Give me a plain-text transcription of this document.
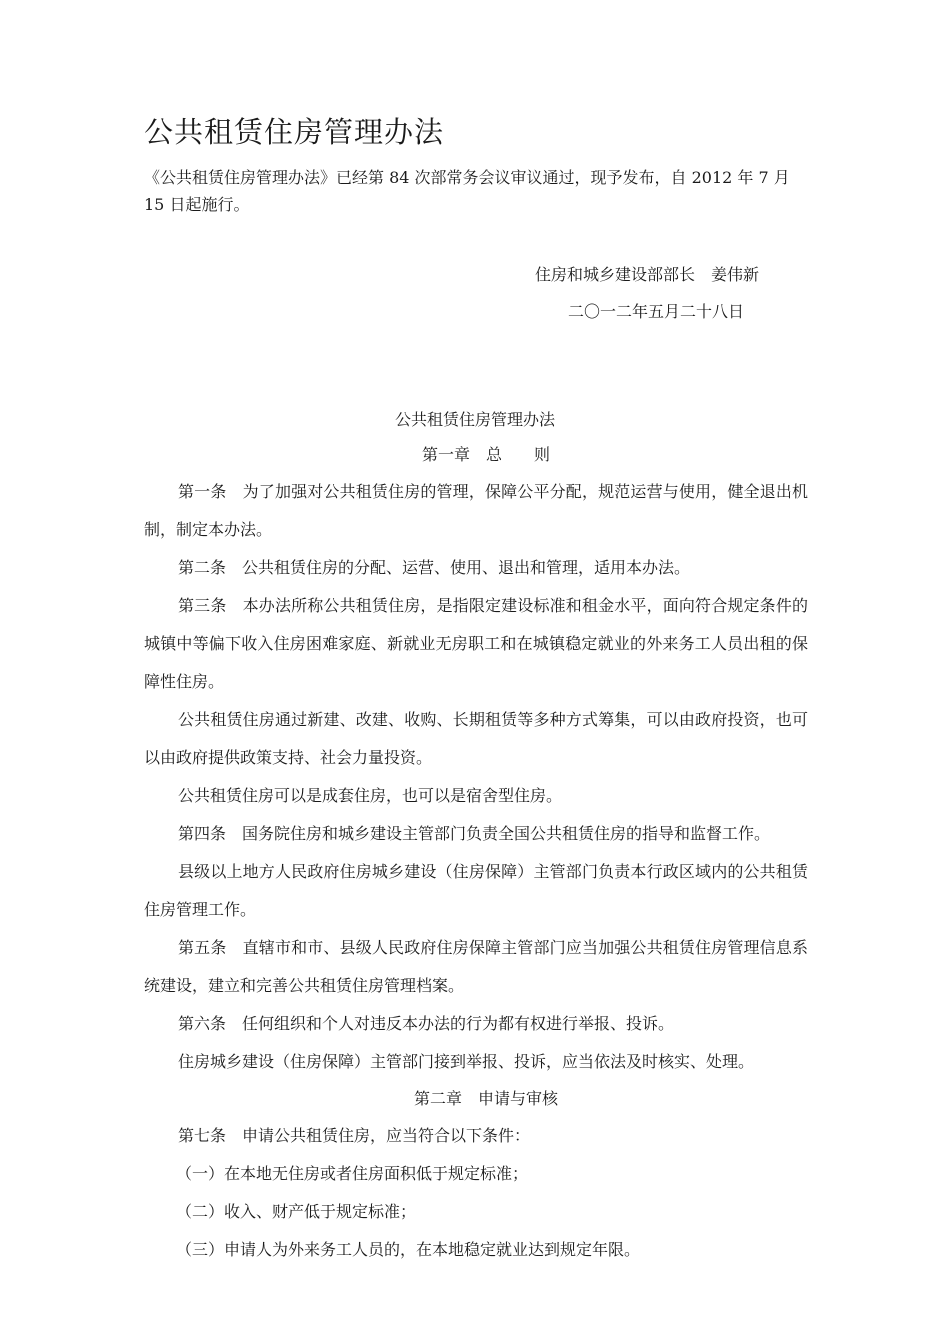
公共租赁住房管理办法

《公共租赁住房管理办法》已经第 84 次部常务会议审议通过，现予发布，自 2012 年 7 月 15 日起施行。

住房和城乡建设部部长　姜伟新

二〇一二年五月二十八日

公共租赁住房管理办法
第一章　总　　则

第一条　为了加强对公共租赁住房的管理，保障公平分配，规范运营与使用，健全退出机制，制定本办法。

第二条　公共租赁住房的分配、运营、使用、退出和管理，适用本办法。

第三条　本办法所称公共租赁住房，是指限定建设标准和租金水平，面向符合规定条件的城镇中等偏下收入住房困难家庭、新就业无房职工和在城镇稳定就业的外来务工人员出租的保障性住房。

公共租赁住房通过新建、改建、收购、长期租赁等多种方式筹集，可以由政府投资，也可以由政府提供政策支持、社会力量投资。

公共租赁住房可以是成套住房，也可以是宿舍型住房。

第四条　国务院住房和城乡建设主管部门负责全国公共租赁住房的指导和监督工作。

县级以上地方人民政府住房城乡建设（住房保障）主管部门负责本行政区域内的公共租赁住房管理工作。

第五条　直辖市和市、县级人民政府住房保障主管部门应当加强公共租赁住房管理信息系统建设，建立和完善公共租赁住房管理档案。

第六条　任何组织和个人对违反本办法的行为都有权进行举报、投诉。

住房城乡建设（住房保障）主管部门接到举报、投诉，应当依法及时核实、处理。

第二章　申请与审核

第七条　申请公共租赁住房，应当符合以下条件：

（一）在本地无住房或者住房面积低于规定标准；

（二）收入、财产低于规定标准；

（三）申请人为外来务工人员的，在本地稳定就业达到规定年限。
